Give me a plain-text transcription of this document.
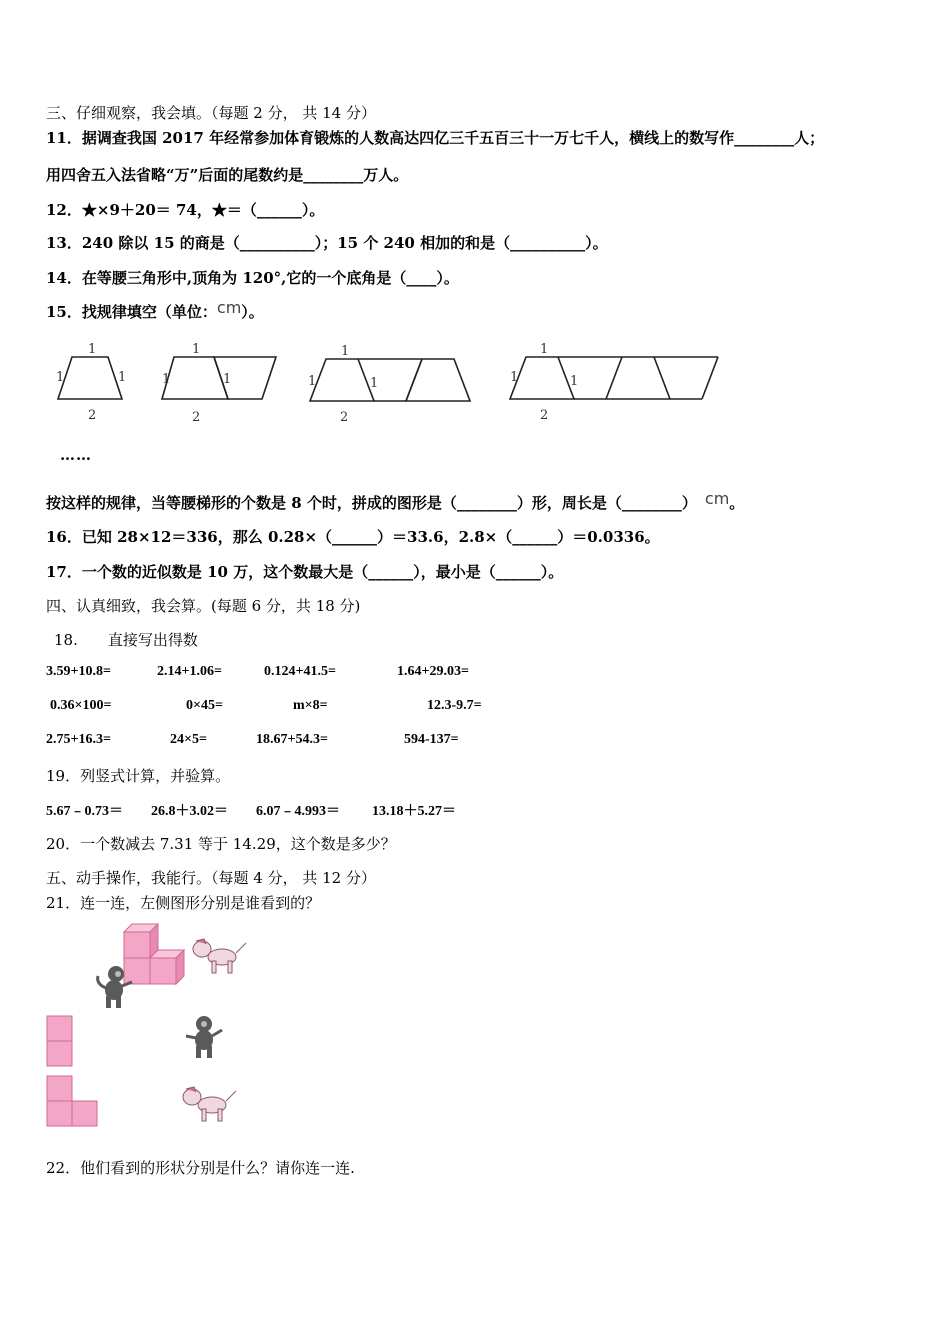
三、仔细观察，我会填。（每题 2 分， 共 14 分）
11．据调查我国 2017 年经常参加体育锻炼的人数高达四亿三千五百三十一万七千人，横线上的数写作________人；
用四舍五入法省略“万”后面的尾数约是________万人。
12．★×9＋20＝ 74，★＝（______）。
13．240 除以 15 的商是（__________）；15 个 240 相加的和是（__________）。
14．在等腰三角形中,顶角为 120°,它的一个底角是（____）。
15．找规律填空（单位：cm）。
1
1	1
2
1
1	1
2
1
1	1
2
1
1	1
2
……
按这样的规律，当等腰梯形的个数是 8 个时，拼成的图形是（________）形，周长是（________） cm。
16．已知 28×12＝336，那么 0.28×（______）＝33.6，2.8×（______）＝0.0336。
17．一个数的近似数是 10 万，这个数最大是（______），最小是（______）。
四、认真细致，我会算。(每题 6 分，共 18 分)
18.　　直接写出得数
3.59+10.8=	2.14+1.06=	0.124+41.5=	1.64+29.03=
0.36×100=	0×45=	m×8=	12.3-9.7=
2.75+16.3=	24×5=	18.67+54.3=	594-137=
19．列竖式计算，并验算。
5.67﹣0.73＝ 26.8＋3.02＝ 6.07﹣4.993＝ 13.18＋5.27＝
20．一个数减去 7.31 等于 14.29，这个数是多少？
五、动手操作，我能行。（每题 4 分， 共 12 分）
21．连一连，左侧图形分别是谁看到的？
22．他们看到的形状分别是什么？请你连一连.
